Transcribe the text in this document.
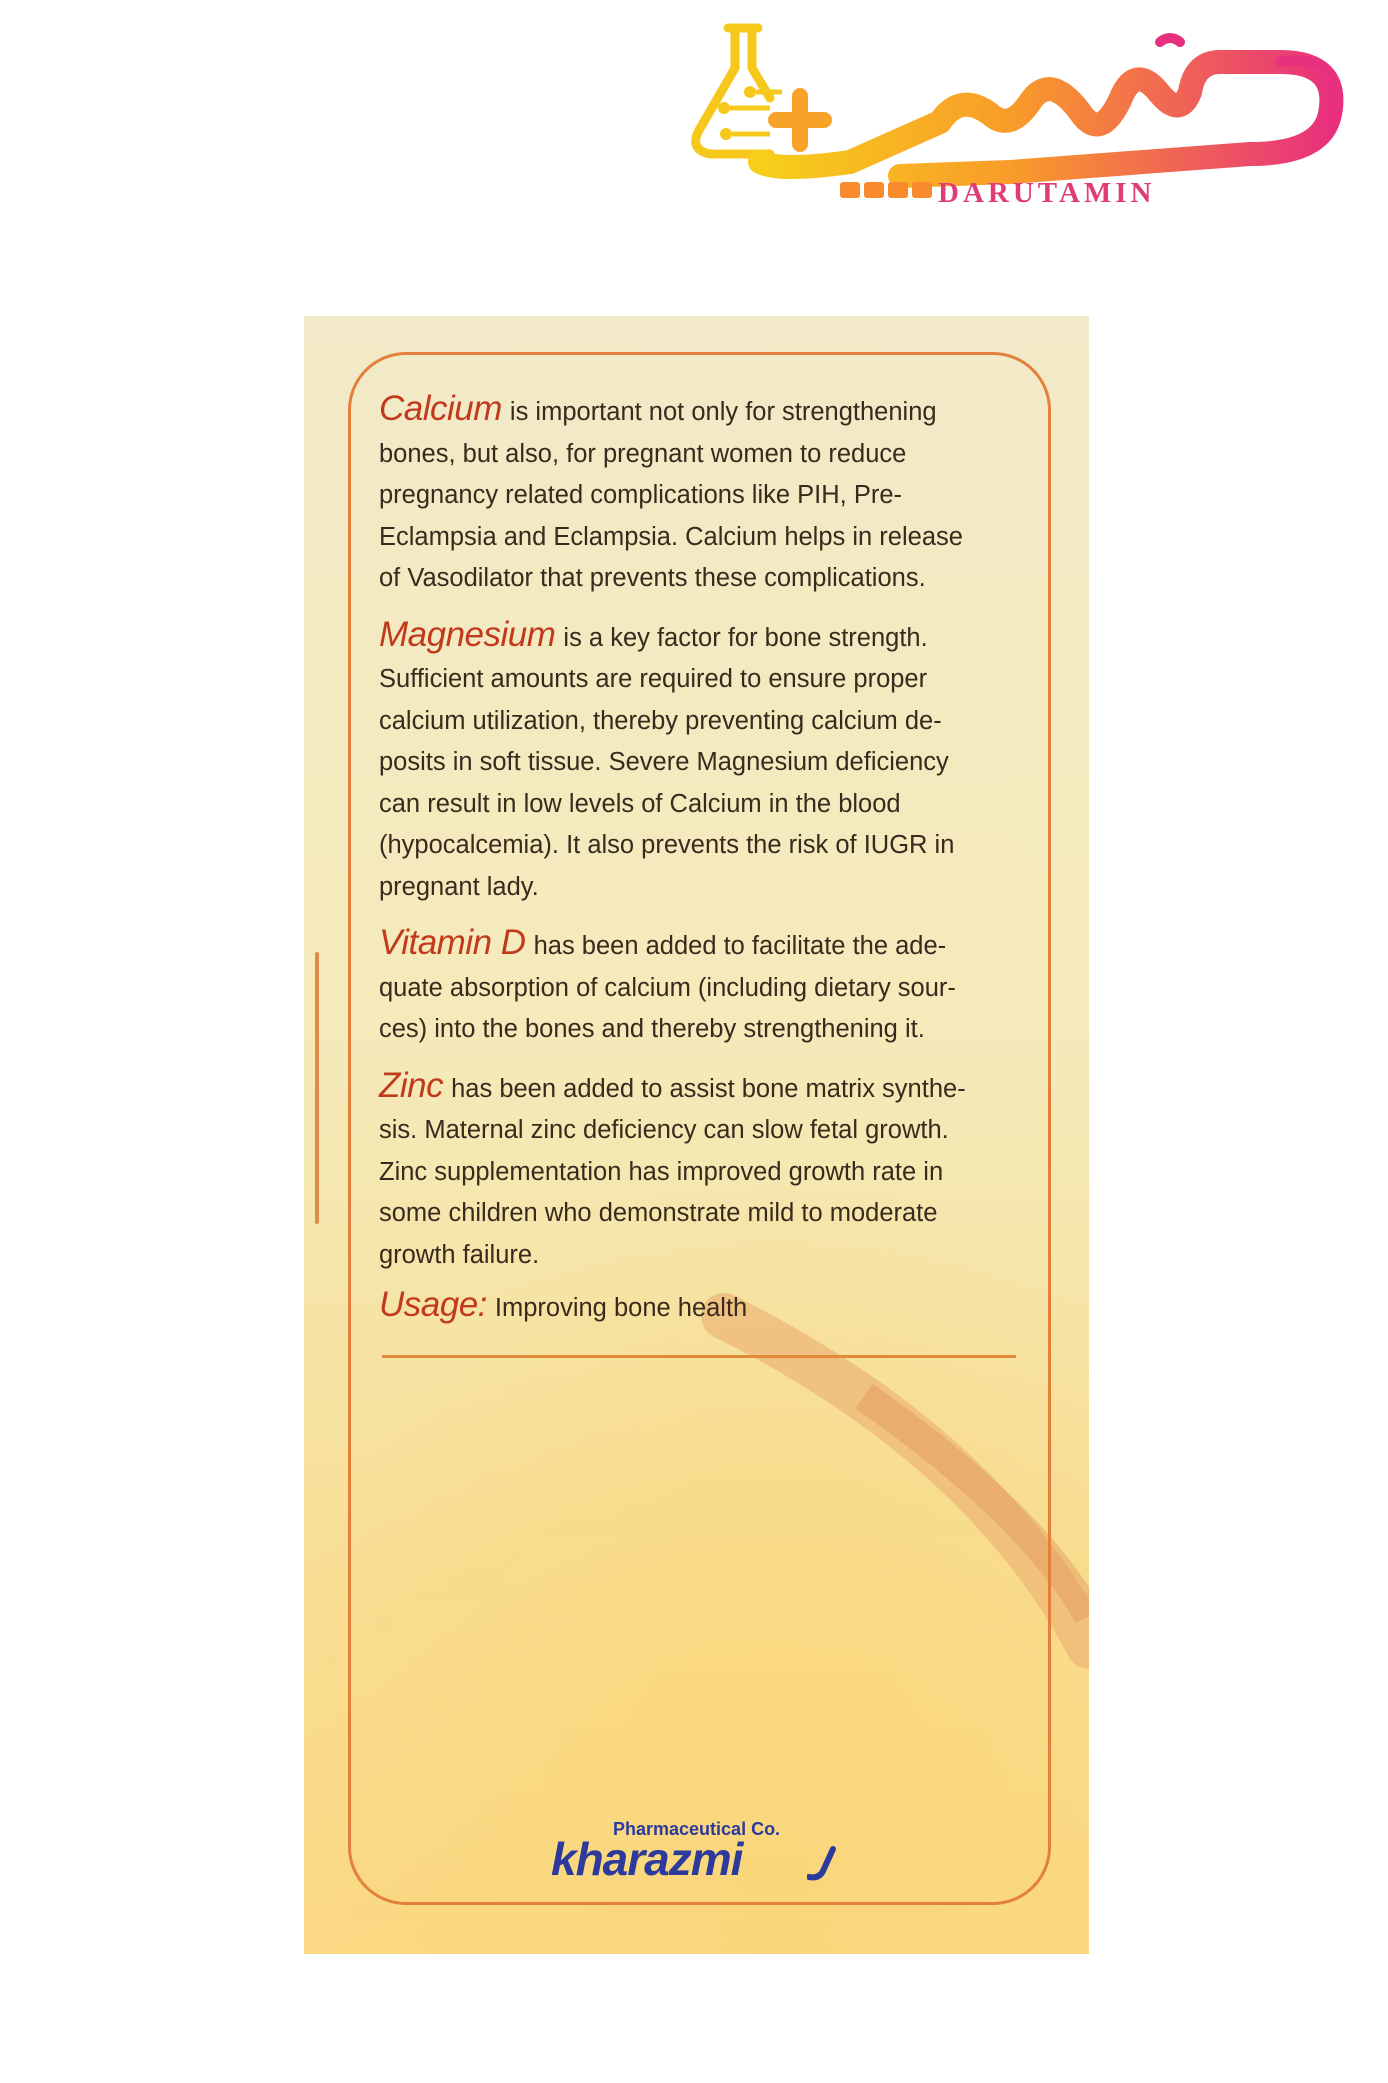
DARUTAMIN

Calcium is important not only for strengthening

bones, but also, for pregnant women to reduce

pregnancy related complications like PIH, Pre-

Eclampsia and Eclampsia. Calcium helps in release

of Vasodilator that prevents these complications.

Magnesium is a key factor for bone strength.

Sufficient amounts are required to ensure proper

calcium utilization, thereby preventing calcium de-

posits in soft tissue. Severe Magnesium deficiency

can result in low levels of Calcium in the blood

(hypocalcemia). It also prevents the risk of IUGR in

pregnant lady.

Vitamin D has been added to facilitate the ade-

quate absorption of calcium (including dietary sour-

ces) into the bones and thereby strengthening it.

Zinc has been added to assist bone matrix synthe-

sis. Maternal zinc deficiency can slow fetal growth.

Zinc supplementation has improved growth rate in

some children who demonstrate mild to moderate

growth failure.

Usage: Improving bone health

Pharmaceutical Co.
kharazmi
